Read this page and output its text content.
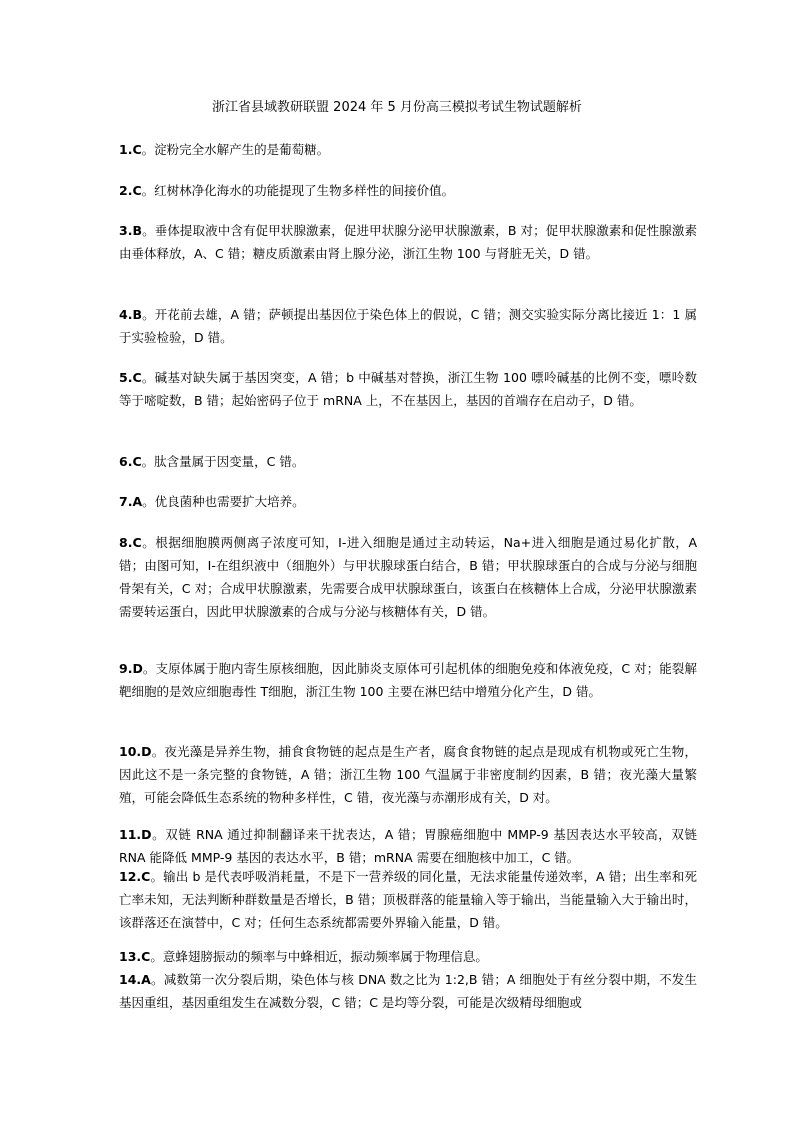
浙江省县域教研联盟 2024 年 5 月份高三模拟考试生物试题解析

1.C。淀粉完全水解产生的是葡萄糖。

2.C。红树林净化海水的功能提现了生物多样性的间接价值。

3.B。垂体提取液中含有促甲状腺激素，促进甲状腺分泌甲状腺激素，B 对；促甲状腺激素和促性腺激素由垂体释放，A、C 错；糖皮质激素由肾上腺分泌，浙江生物 100 与肾脏无关，D 错。

4.B。开花前去雄，A 错；萨顿提出基因位于染色体上的假说，C 错；测交实验实际分离比接近 1：1 属于实验检验，D 错。

5.C。碱基对缺失属于基因突变，A 错；b 中碱基对替换，浙江生物 100 嘌呤碱基的比例不变，嘌呤数等于嘧啶数，B 错；起始密码子位于 mRNA 上，不在基因上，基因的首端存在启动子，D 错。

6.C。肽含量属于因变量，C 错。

7.A。优良菌种也需要扩大培养。

8.C。根据细胞膜两侧离子浓度可知，I-进入细胞是通过主动转运，Na+进入细胞是通过易化扩散，A 错；由图可知，I-在组织液中（细胞外）与甲状腺球蛋白结合，B 错；甲状腺球蛋白的合成与分泌与细胞骨架有关，C 对；合成甲状腺激素，先需要合成甲状腺球蛋白，该蛋白在核糖体上合成，分泌甲状腺激素需要转运蛋白，因此甲状腺激素的合成与分泌与核糖体有关，D 错。

9.D。支原体属于胞内寄生原核细胞，因此肺炎支原体可引起机体的细胞免疫和体液免疫，C 对；能裂解靶细胞的是效应细胞毒性 T细胞，浙江生物 100 主要在淋巴结中增殖分化产生，D 错。

10.D。夜光藻是异养生物，捕食食物链的起点是生产者，腐食食物链的起点是现成有机物或死亡生物，因此这不是一条完整的食物链，A 错；浙江生物 100 气温属于非密度制约因素，B 错；夜光藻大量繁殖，可能会降低生态系统的物种多样性，C 错，夜光藻与赤潮形成有关，D 对。

11.D。双链 RNA 通过抑制翻译来干扰表达，A 错；胃腺癌细胞中 MMP-9 基因表达水平较高，双链 RNA 能降低 MMP-9 基因的表达水平，B 错；mRNA 需要在细胞核中加工，C 错。

12.C。输出 b 是代表呼吸消耗量，不是下一营养级的同化量，无法求能量传递效率，A 错；出生率和死亡率未知，无法判断种群数量是否增长，B 错；顶极群落的能量输入等于输出，当能量输入大于输出时，该群落还在演替中，C 对；任何生态系统都需要外界输入能量，D 错。

13.C。意蜂翅膀振动的频率与中蜂相近，振动频率属于物理信息。

14.A。减数第一次分裂后期，染色体与核 DNA 数之比为 1:2,B 错；A 细胞处于有丝分裂中期，不发生基因重组，基因重组发生在减数分裂，C 错；C 是均等分裂，可能是次级精母细胞或
